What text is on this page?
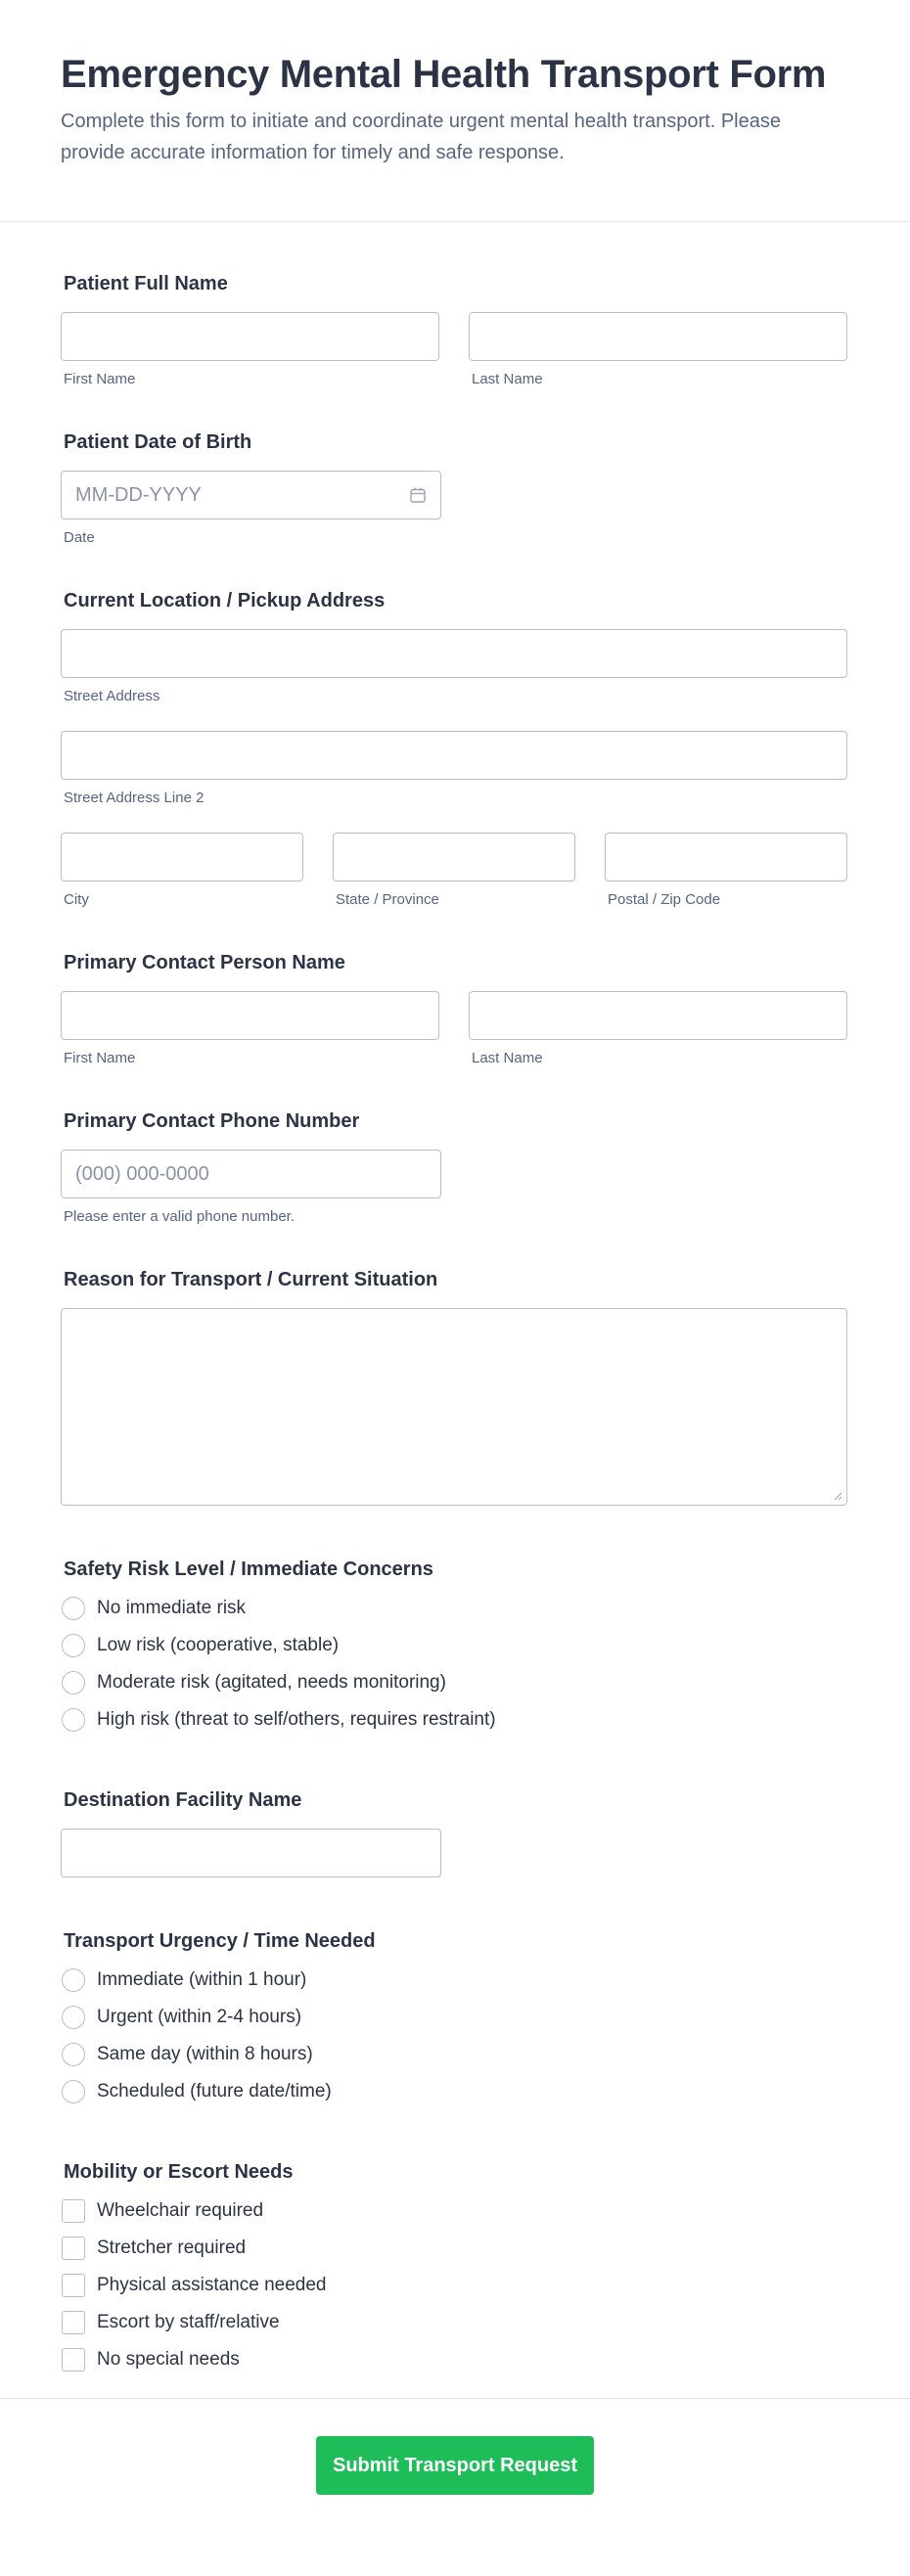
Emergency Mental Health Transport Form

Complete this form to initiate and coordinate urgent mental health transport. Please provide accurate information for timely and safe response.

Patient Full Name
First Name	Last Name
Patient Date of Birth
MM-DD-YYYY
Date
Current Location / Pickup Address
Street Address
Street Address Line 2
City	State / Province	Postal / Zip Code
Primary Contact Person Name
First Name	Last Name
Primary Contact Phone Number
(000) 000-0000
Please enter a valid phone number.
Reason for Transport / Current Situation
Safety Risk Level / Immediate Concerns
No immediate risk
Low risk (cooperative, stable)
Moderate risk (agitated, needs monitoring)
High risk (threat to self/others, requires restraint)
Destination Facility Name
Transport Urgency / Time Needed
Immediate (within 1 hour)
Urgent (within 2-4 hours)
Same day (within 8 hours)
Scheduled (future date/time)
Mobility or Escort Needs
Wheelchair required
Stretcher required
Physical assistance needed
Escort by staff/relative
No special needs
Submit Transport Request
